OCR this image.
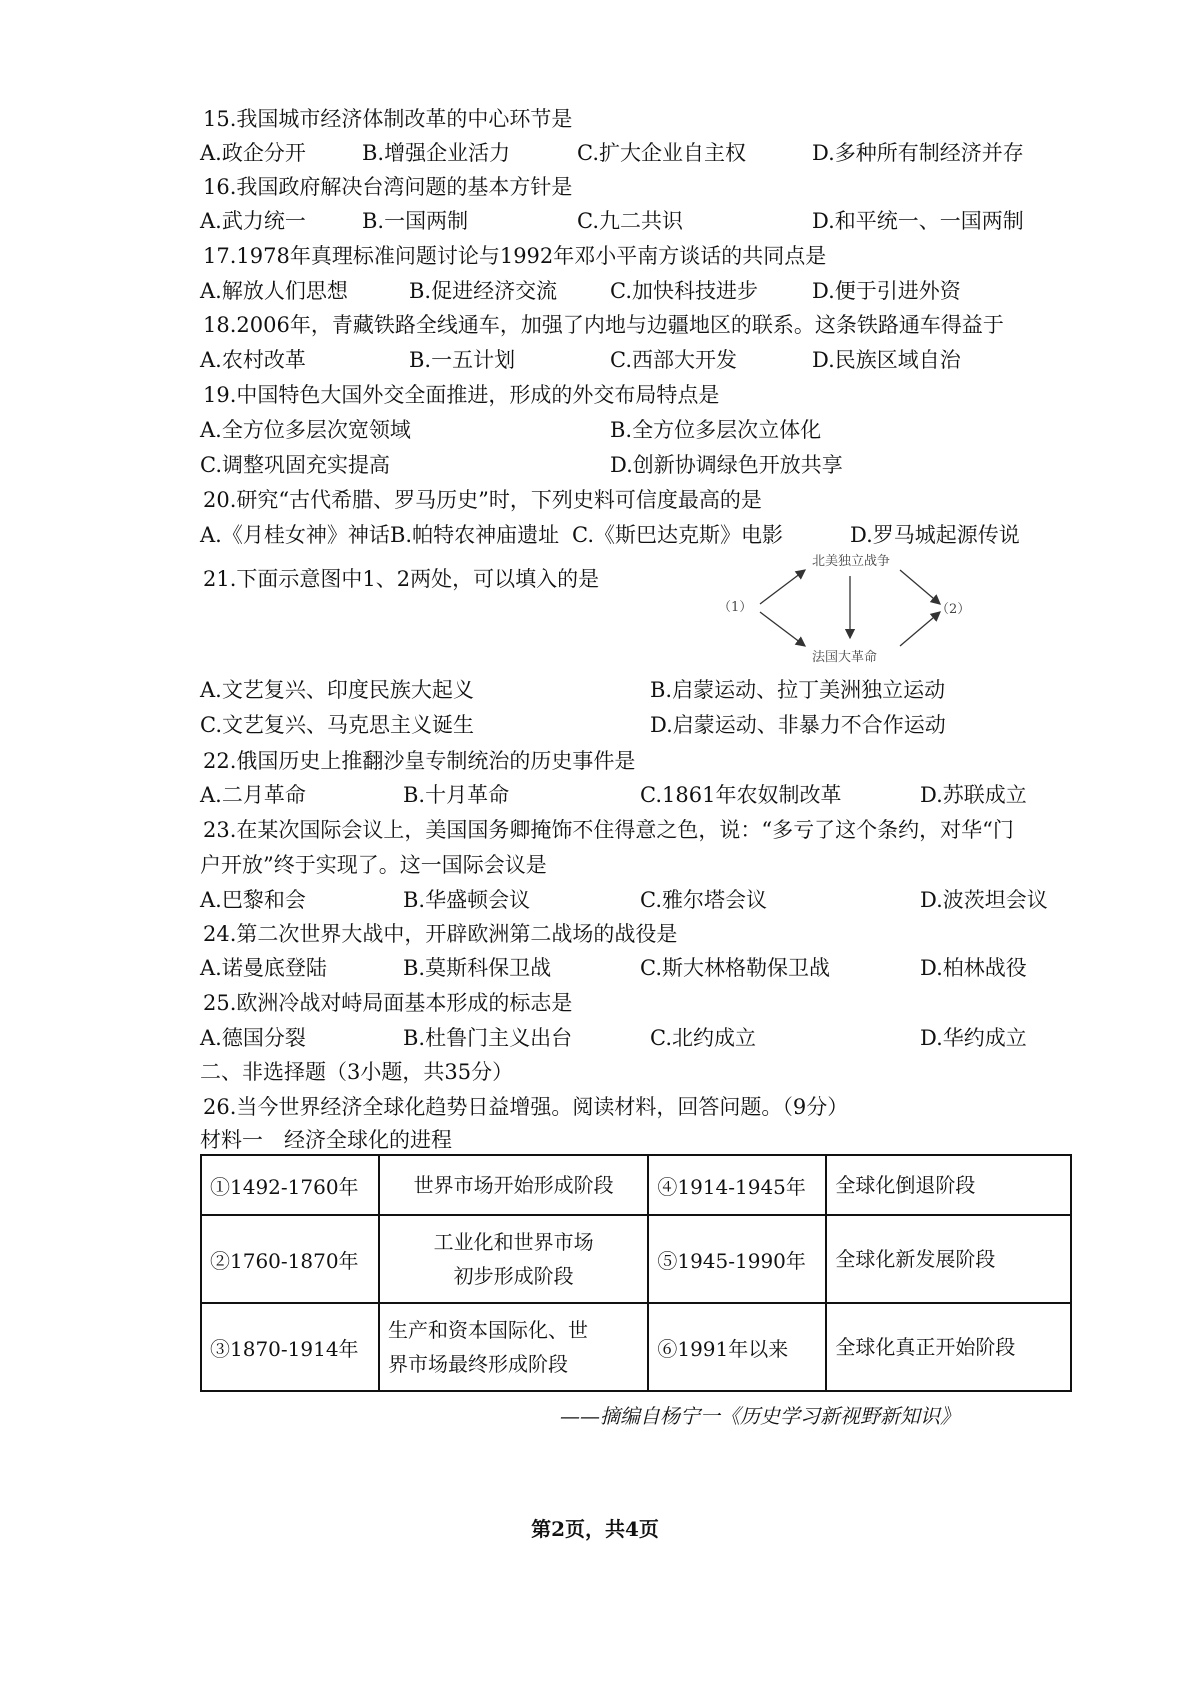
15.我国城市经济体制改革的中心环节是
A.政企分开	B.增强企业活力	C.扩大企业自主权	D.多种所有制经济并存
16.我国政府解决台湾问题的基本方针是
A.武力统一	B.一国两制	C.九二共识	D.和平统一、一国两制
17.1978年真理标准问题讨论与1992年邓小平南方谈话的共同点是
A.解放人们思想	B.促进经济交流	C.加快科技进步	D.便于引进外资
18.2006年，青藏铁路全线通车，加强了内地与边疆地区的联系。这条铁路通车得益于
A.农村改革	B.一五计划	C.西部大开发	D.民族区域自治
19.中国特色大国外交全面推进，形成的外交布局特点是
A.全方位多层次宽领域	B.全方位多层次立体化
C.调整巩固充实提高	D.创新协调绿色开放共享
20.研究“古代希腊、罗马历史”时，下列史料可信度最高的是
A.《月桂女神》神话 B.帕特农神庙遗址 C.《斯巴达克斯》电影	D.罗马城起源传说
21.下面示意图中1、2两处，可以填入的是
（1）
北美独立战争
法国大革命
（2）
A.文艺复兴、印度民族大起义	B.启蒙运动、拉丁美洲独立运动
C.文艺复兴、马克思主义诞生	D.启蒙运动、非暴力不合作运动
22.俄国历史上推翻沙皇专制统治的历史事件是
A.二月革命	B.十月革命	C.1861年农奴制改革	D.苏联成立
23.在某次国际会议上，美国国务卿掩饰不住得意之色，说：“多亏了这个条约，对华“门
户开放”终于实现了。这一国际会议是
A.巴黎和会	B.华盛顿会议	C.雅尔塔会议	D.波茨坦会议
24.第二次世界大战中，开辟欧洲第二战场的战役是
A.诺曼底登陆	B.莫斯科保卫战	C.斯大林格勒保卫战	D.柏林战役
25.欧洲冷战对峙局面基本形成的标志是
A.德国分裂	B.杜鲁门主义出台	C.北约成立	D.华约成立
二、非选择题（3小题，共35分）
26.当今世界经济全球化趋势日益增强。阅读材料，回答问题。（9分）
材料一　经济全球化的进程
①1492-1760年	世界市场开始形成阶段	④1914-1945年	全球化倒退阶段
②1760-1870年	工业化和世界市场
初步形成阶段	⑤1945-1990年	全球化新发展阶段
③1870-1914年	生产和资本国际化、世
界市场最终形成阶段	⑥1991年以来	全球化真正开始阶段
——摘编自杨宁一《历史学习新视野新知识》
第2页，共4页
